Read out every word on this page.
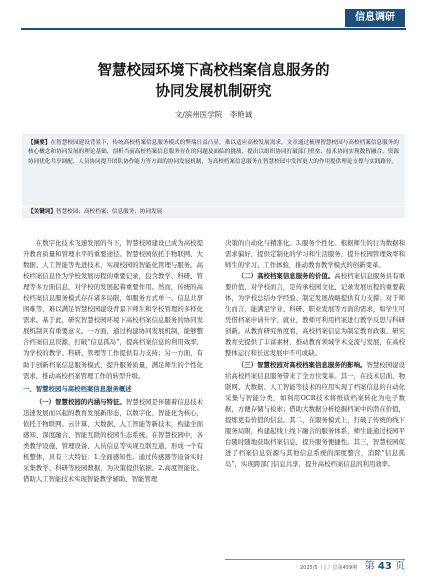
信息调研
智慧校园环境下高校档案信息服务的
协同发展机制研究
文/滨州医学院　李艳诚
【摘要】在智慧校园建设背景下，传统高校档案信息服务模式的弊端日益凸显，难以适应高校发展需求。文章通过梳理智慧校园与高校档案信息服务的核心概念和协同发展的理论基础，剖析当前高校档案信息服务存在的问题及面临的挑战，提出以组织协同打破部门壁垒、技术协同实现数智融合、资源协同优化共享调配、人员协同提升团队协作能力等方面的协同发展机制，为高校档案信息服务在智慧校园中发挥更大的作用提供理论支撑与实践路径。
【关键词】智慧校园；高校档案；信息服务；协同发展

在数字化技术飞速发展的当下，智慧校园建设已成为高校提升教育质量和管理水平的重要途径。智慧校园依托于物联网、大数据、人工智能等先进技术，实现校园的智能化管理与服务。高校档案信息作为学校发展历程的重要记录，包含教学、科研、管理等多方面信息，对学校的发展起着重要作用。然而，传统的高校档案信息服务模式存在诸多局限，如服务方式单一、信息共享困难等，难以满足智慧校园建设背景下师生和学校管理的多样化需求。基于此，研究智慧校园环境下高校档案信息服务的协同发展机制具有重要意义。一方面，通过构建协同发展机制，能够整合档案信息资源，打破“信息孤岛”，提高档案信息的利用效率，为学校的教学、科研、管理等工作提供有力支持；另一方面，有助于创新档案信息服务模式，提升服务质量，满足师生的个性化需求，推动高校档案管理工作的转型升级。

一、智慧校园与高校档案信息服务概述

（一）智慧校园的内涵与特征。智慧校园是伴随着信息技术迅速发展而兴起的教育发展新形态，以数字化、智能化为核心，依托于物联网、云计算、大数据、人工智能等新技术，构建全面感知、深度融合、智能互联的校园生态系统。在智慧校园中，各类教学设施、管理设备、人员信息等实现互联互通，形成一个有机整体，具有三大特征：1.全面感知性。通过传感器等设备实时采集教学、科研等校园数据，为决策提供依据。2.高度智能化。借助人工智能技术实现智能教学辅助、智能管理

决策的自动化与精准化。3.服务个性化。根据师生的行为数据和需求偏好，提供定制化的学习和生活服务，提升校园管理效率和师生的学习、工作体验，推动教育教学模式的创新变革。

（二）高校档案信息服务的价值。高校档案信息服务具有重要价值，对学校而言，是传承校园文化、记录发展历程的重要载体，为学校总结办学经验、制定发展战略提供有力支撑；对于师生而言，能满足学业、科研、职业发展等方面的需求，如学生可凭借档案申请升学、就业，教师可利用档案进行教学反思与科研创新。从教育研究角度看，高校档案信息为制定教育政策、研究教育史提供了丰富素材，推动教育领域学术交流与发展，在高校整体运行和长远发展中不可或缺。

（三）智慧校园对高校档案信息服务的影响。智慧校园建设给高校档案信息服务带来了全方位变革。其一，在技术层面，物联网、大数据、人工智能等技术的应用实现了档案信息的自动化采集与智能分类，如利用OCR技术将纸质档案转化为电子数据，方便存储与检索；借助大数据分析挖掘档案中的潜在价值，提炼更有价值的信息。其二，在服务模式上，打破了传统的线下服务局限，构建起线上线下融合的服务体系，师生能通过校园平台随时随地获取档案信息，提升服务便捷性。其三，智慧校园促进了档案信息资源与其他信息系统的深度整合，消除“信息孤岛”，实现跨部门信息共享，提升高校档案信息的利用效率。

2025/5（上）总第459期 第 43 页
